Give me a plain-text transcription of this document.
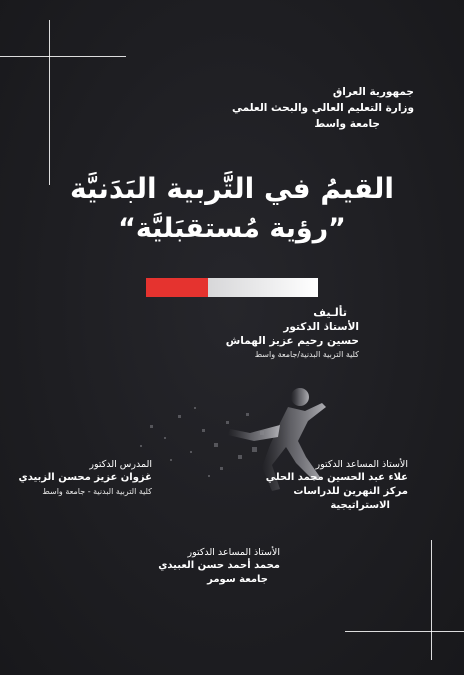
جمهورية العراق
وزارة التعليم العالي والبحث العلمي
جامعة واسط
القيمُ في التَّربية البَدَنيَّة
”رؤية مُستقبَليَّة“
تألـيف
الأستاذ الدكتور
حسين رحيم عزيز الهماش
كلية التربية البدنية/جامعة واسط
المدرس الدكتور
غزوان عزيز محسن الزبيدي
كلية التربية البدنية - جامعة واسط
الأستاذ المساعد الدكتور
علاء عبد الحسين محمد الحلي
مركز النهرين للدراسات
الاستراتيجية
الأستاذ المساعد الدكتور
محمد أحمد حسن العبيدي
جامعة سومر
